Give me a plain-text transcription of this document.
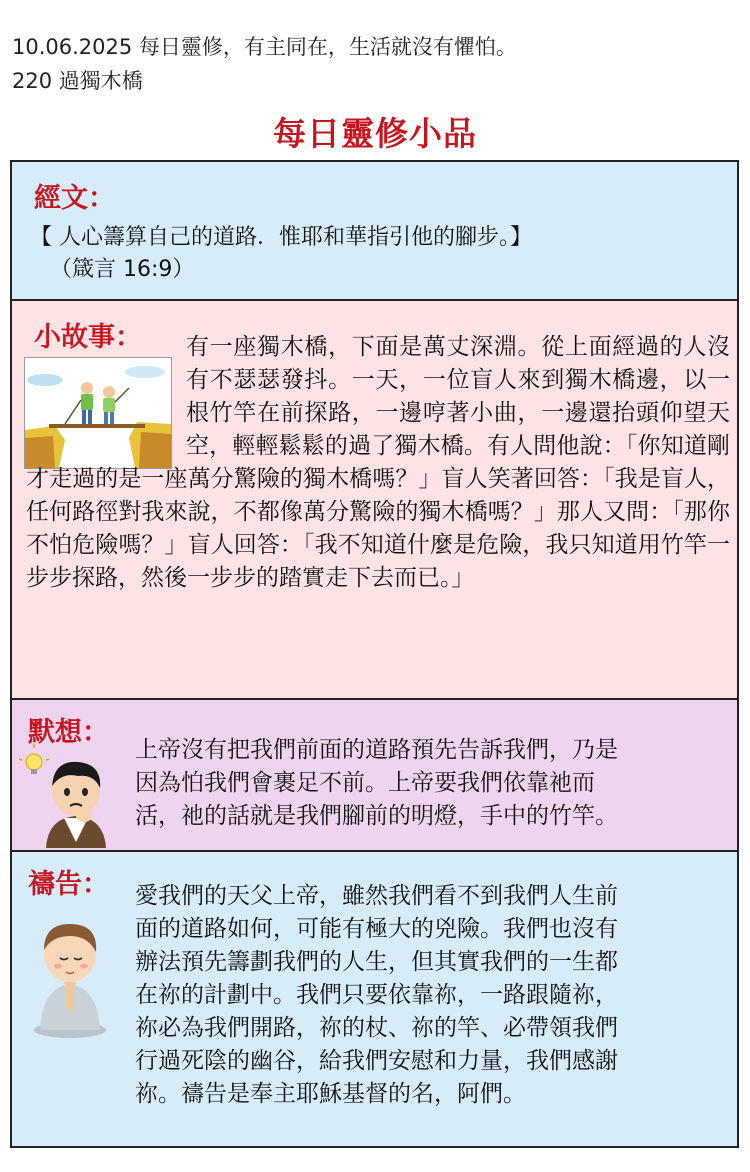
10.06.2025 每日靈修，有主同在，生活就沒有懼怕。
220 過獨木橋
每日靈修小品
經文：
【 人心籌算自己的道路．惟耶和華指引他的腳步。】
（箴言 16:9）
小故事：	有一座獨木橋，下面是萬丈深淵。從上面經過的人沒有不瑟瑟發抖。一天，一位盲人來到獨木橋邊，以一根竹竿在前探路，一邊哼著小曲，一邊還抬頭仰望天空，輕輕鬆鬆的過了獨木橋。有人問他說：「你知道剛才走過的是一座萬分驚險的獨木橋嗎？」盲人笑著回答：「我是盲人，任何路徑對我來說，不都像萬分驚險的獨木橋嗎？」那人又問：「那你不怕危險嗎？」盲人回答：「我不知道什麼是危險，我只知道用竹竿一步步探路，然後一步步的踏實走下去而已。」
默想：
上帝沒有把我們前面的道路預先告訴我們，乃是
因為怕我們會裹足不前。上帝要我們依靠祂而
活，祂的話就是我們腳前的明燈，手中的竹竿。
禱告： 愛我們的天父上帝，雖然我們看不到我們人生前
面的道路如何，可能有極大的兇險。我們也沒有
辦法預先籌劃我們的人生，但其實我們的一生都
在祢的計劃中。我們只要依靠祢，一路跟隨祢，
祢必為我們開路，祢的杖、祢的竿、必帶領我們
行過死陰的幽谷，給我們安慰和力量，我們感謝
祢。禱告是奉主耶穌基督的名，阿們。
